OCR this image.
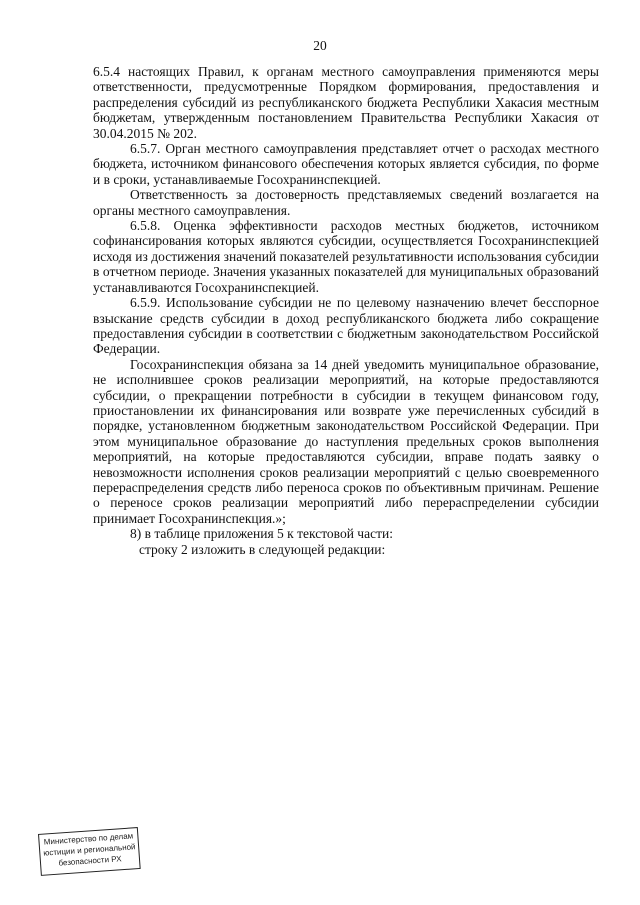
20

6.5.4 настоящих Правил, к органам местного самоуправления применяются меры ответственности, предусмотренные Порядком формирования, предоставления и распределения субсидий из республиканского бюджета Республики Хакасия местным бюджетам, утвержденным постановлением Правительства Республики Хакасия от 30.04.2015 № 202.

6.5.7. Орган местного самоуправления представляет отчет о расходах местного бюджета, источником финансового обеспечения которых является субсидия, по форме и в сроки, устанавливаемые Госохранинспекцией.

Ответственность за достоверность представляемых сведений возлагается на органы местного самоуправления.

6.5.8. Оценка эффективности расходов местных бюджетов, источником софинансирования которых являются субсидии, осуществляется Госохранинспекцией исходя из достижения значений показателей результативности использования субсидии в отчетном периоде. Значения указанных показателей для муниципальных образований устанавливаются Госохранинспекцией.

6.5.9. Использование субсидии не по целевому назначению влечет бесспорное взыскание средств субсидии в доход республиканского бюджета либо сокращение предоставления субсидии в соответствии с бюджетным законодательством Российской Федерации.

Госохранинспекция обязана за 14 дней уведомить муниципальное образование, не исполнившее сроков реализации мероприятий, на которые предоставляются субсидии, о прекращении потребности в субсидии в текущем финансовом году, приостановлении их финансирования или возврате уже перечисленных субсидий в порядке, установленном бюджетным законодательством Российской Федерации. При этом муниципальное образование до наступления предельных сроков выполнения мероприятий, на которые предоставляются субсидии, вправе подать заявку о невозможности исполнения сроков реализации мероприятий с целью своевременного перераспределения средств либо переноса сроков по объективным причинам. Решение о переносе сроков реализации мероприятий либо перераспределении субсидии принимает Госохранинспекция.»;

8) в таблице приложения 5 к текстовой части:

строку 2 изложить в следующей редакции:

Министерство по делам
юстиции и региональной
безопасности РХ
